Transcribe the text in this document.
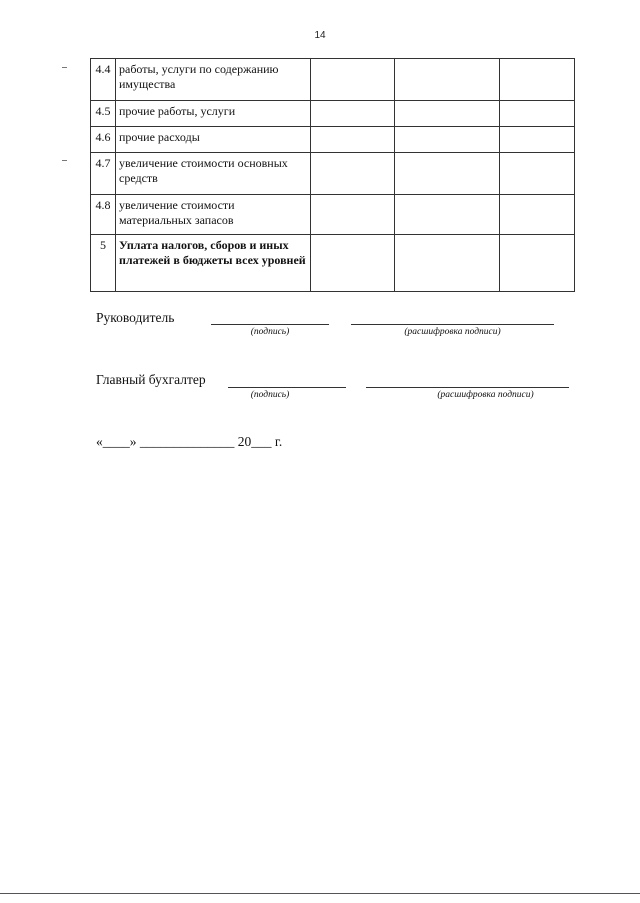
14
4.4	работы, услуги по содержанию имущества			
4.5	прочие работы, услуги			
4.6	прочие расходы			
4.7	увеличение стоимости основных средств			
4.8	увеличение стоимости материальных запасов			
5	Уплата налогов, сборов и иных платежей в бюджеты всех уровней			
Руководитель
(подпись)	(расшифровка подписи)
Главный бухгалтер
(подпись)	(расшифровка подписи)
«____» ______________ 20___ г.
